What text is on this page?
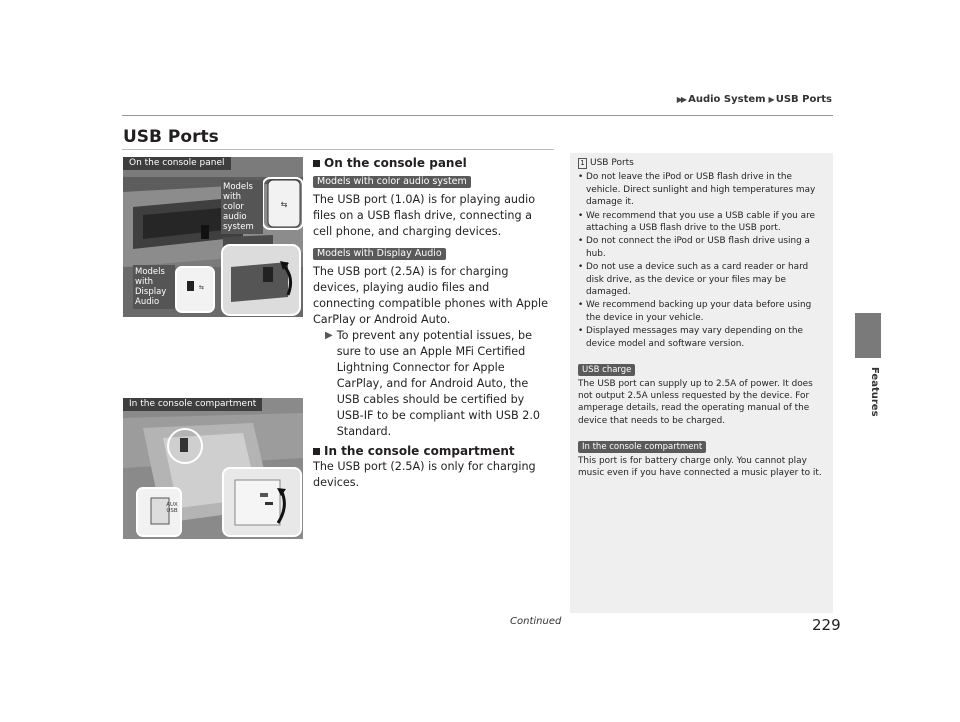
▶▶ Audio System ▶ USB Ports
USB Ports
Features
On the console panel
⇆
⇆
Models with color audio system
Models with Display Audio
In the console compartment
AUX USB
On the console panel
Models with color audio system

The USB port (1.0A) is for playing audio files on a USB flash drive, connecting a cell phone, and charging devices.

Models with Display Audio

The USB port (2.5A) is for charging devices, playing audio files and connecting compatible phones with Apple CarPlay or Android Auto.

▶ To prevent any potential issues, be sure to use an Apple MFi Certified Lightning Connector for Apple CarPlay, and for Android Auto, the USB cables should be certified by USB-IF to be compliant with USB 2.0 Standard.
In the console compartment

The USB port (2.5A) is only for charging devices.

1 USB Ports
• Do not leave the iPod or USB flash drive in the vehicle. Direct sunlight and high temperatures may damage it.
• We recommend that you use a USB cable if you are attaching a USB flash drive to the USB port.
• Do not connect the iPod or USB flash drive using a hub.
• Do not use a device such as a card reader or hard disk drive, as the device or your files may be damaged.
• We recommend backing up your data before using the device in your vehicle.
• Displayed messages may vary depending on the device model and software version.
USB charge

The USB port can supply up to 2.5A of power. It does not output 2.5A unless requested by the device. For amperage details, read the operating manual of the device that needs to be charged.

In the console compartment

This port is for battery charge only. You cannot play music even if you have connected a music player to it.

Continued	229
